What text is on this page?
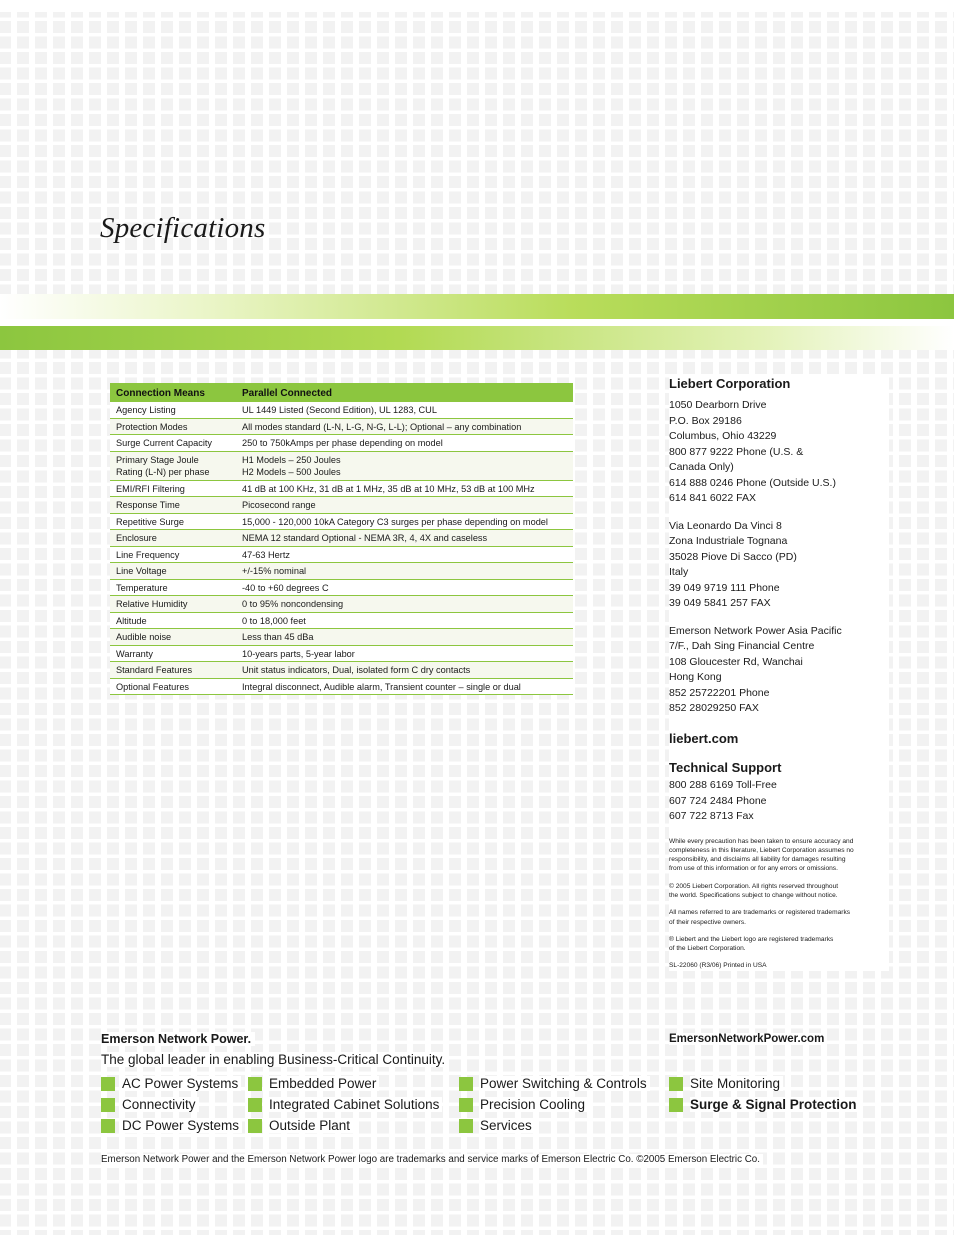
Specifications
Connection Means	Parallel Connected

Agency Listing	UL 1449 Listed (Second Edition), UL 1283, CUL

Protection Modes	All modes standard (L-N, L-G, N-G, L-L); Optional – any combination

Surge Current Capacity	250 to 750kAmps per phase depending on model

Primary Stage Joule
Rating (L-N) per phase	H1 Models – 250 Joules
H2 Models – 500 Joules

EMI/RFI Filtering	41 dB at 100 KHz, 31 dB at 1 MHz, 35 dB at 10 MHz, 53 dB at 100 MHz

Response Time	Picosecond range

Repetitive Surge	15,000 - 120,000 10kA Category C3 surges per phase depending on model

Enclosure	NEMA 12 standard Optional - NEMA 3R, 4, 4X and caseless

Line Frequency	47-63 Hertz

Line Voltage	+/-15% nominal

Temperature	-40 to +60 degrees C

Relative Humidity	0 to 95% noncondensing

Altitude	0 to 18,000 feet

Audible noise	Less than 45 dBa

Warranty	10-years parts, 5-year labor

Standard Features	Unit status indicators, Dual, isolated form C dry contacts

Optional Features	Integral disconnect, Audible alarm, Transient counter – single or dual
Liebert Corporation
1050 Dearborn Drive
P.O. Box 29186
Columbus, Ohio 43229
800 877 9222 Phone (U.S. &
Canada Only)
614 888 0246 Phone (Outside U.S.)
614 841 6022 FAX
Via Leonardo Da Vinci 8
Zona Industriale Tognana
35028 Piove Di Sacco (PD)
Italy
39 049 9719 111 Phone
39 049 5841 257 FAX
Emerson Network Power Asia Pacific
7/F., Dah Sing Financial Centre
108 Gloucester Rd, Wanchai
Hong Kong
852 25722201 Phone
852 28029250 FAX
liebert.com
Technical Support
800 288 6169 Toll-Free
607 724 2484 Phone
607 722 8713 Fax

While every precaution has been taken to ensure accuracy and
completeness in this literature, Liebert Corporation assumes no
responsibility, and disclaims all liability for damages resulting
from use of this information or for any errors or omissions.

© 2005 Liebert Corporation. All rights reserved throughout
the world. Specifications subject to change without notice.

All names referred to are trademarks or registered trademarks
of their respective owners.

® Liebert and the Liebert logo are registered trademarks
of the Liebert Corporation.

SL-22060 (R3/06) Printed in USA
Emerson Network Power.
The global leader in enabling Business-Critical Continuity.
EmersonNetworkPower.com
AC Power Systems
Connectivity
DC Power Systems
Embedded Power
Integrated Cabinet Solutions
Outside Plant
Power Switching & Controls
Precision Cooling
Services
Site Monitoring
Surge & Signal Protection
Emerson Network Power and the Emerson Network Power logo are trademarks and service marks of Emerson Electric Co. ©2005 Emerson Electric Co.
